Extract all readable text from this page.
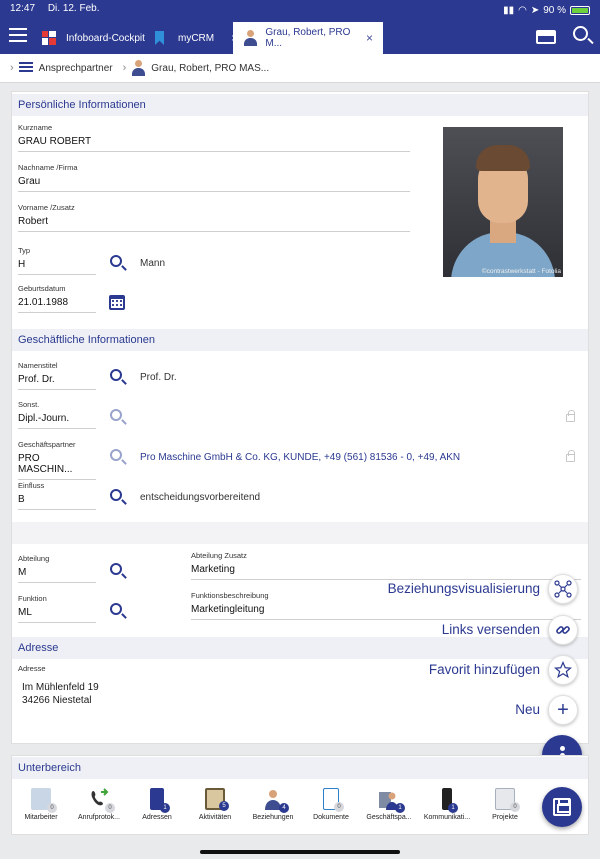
12:47 Di. 12. Feb.	▮▮ ◠ ➤ 90 %
Infoboard-Cockpit	myCRM	Grau, Robert, PRO M...	×
›	Ansprechpartner ›	Grau, Robert, PRO MAS...
Persönliche Informationen
Kurzname
GRAU ROBERT
Nachname /Firma
Grau
Vorname /Zusatz
Robert
Typ
H	Mann
Geburtsdatum
21.01.1988
©contrastwerkstatt - Fotolia
Geschäftliche Informationen
Namenstitel
Prof. Dr.	Prof. Dr.
Sonst.
Dipl.-Journ.
Geschäftspartner
PRO MASCHIN...
Pro Maschine GmbH & Co. KG, KUNDE, +49 (561) 81536 - 0, +49, AKN
Einfluss
B	entscheidungsvorbereitend
Abteilung
M
Abteilung Zusatz
Marketing
Funktion
ML
Funktionsbeschreibung
Marketingleitung
Adresse
Adresse
Im Mühlenfeld 19
34266 Niestetal
Beziehungsvisualisierung
Links versenden
Favorit hinzufügen
Neu +
Unterbereich
0
Mitarbeiter
0
Anrufprotok...
1
Adressen
5
Aktivitäten
4
Beziehungen
0
Dokumente
1
Geschäftspa...
1
Kommunikati...
0
Projekte
